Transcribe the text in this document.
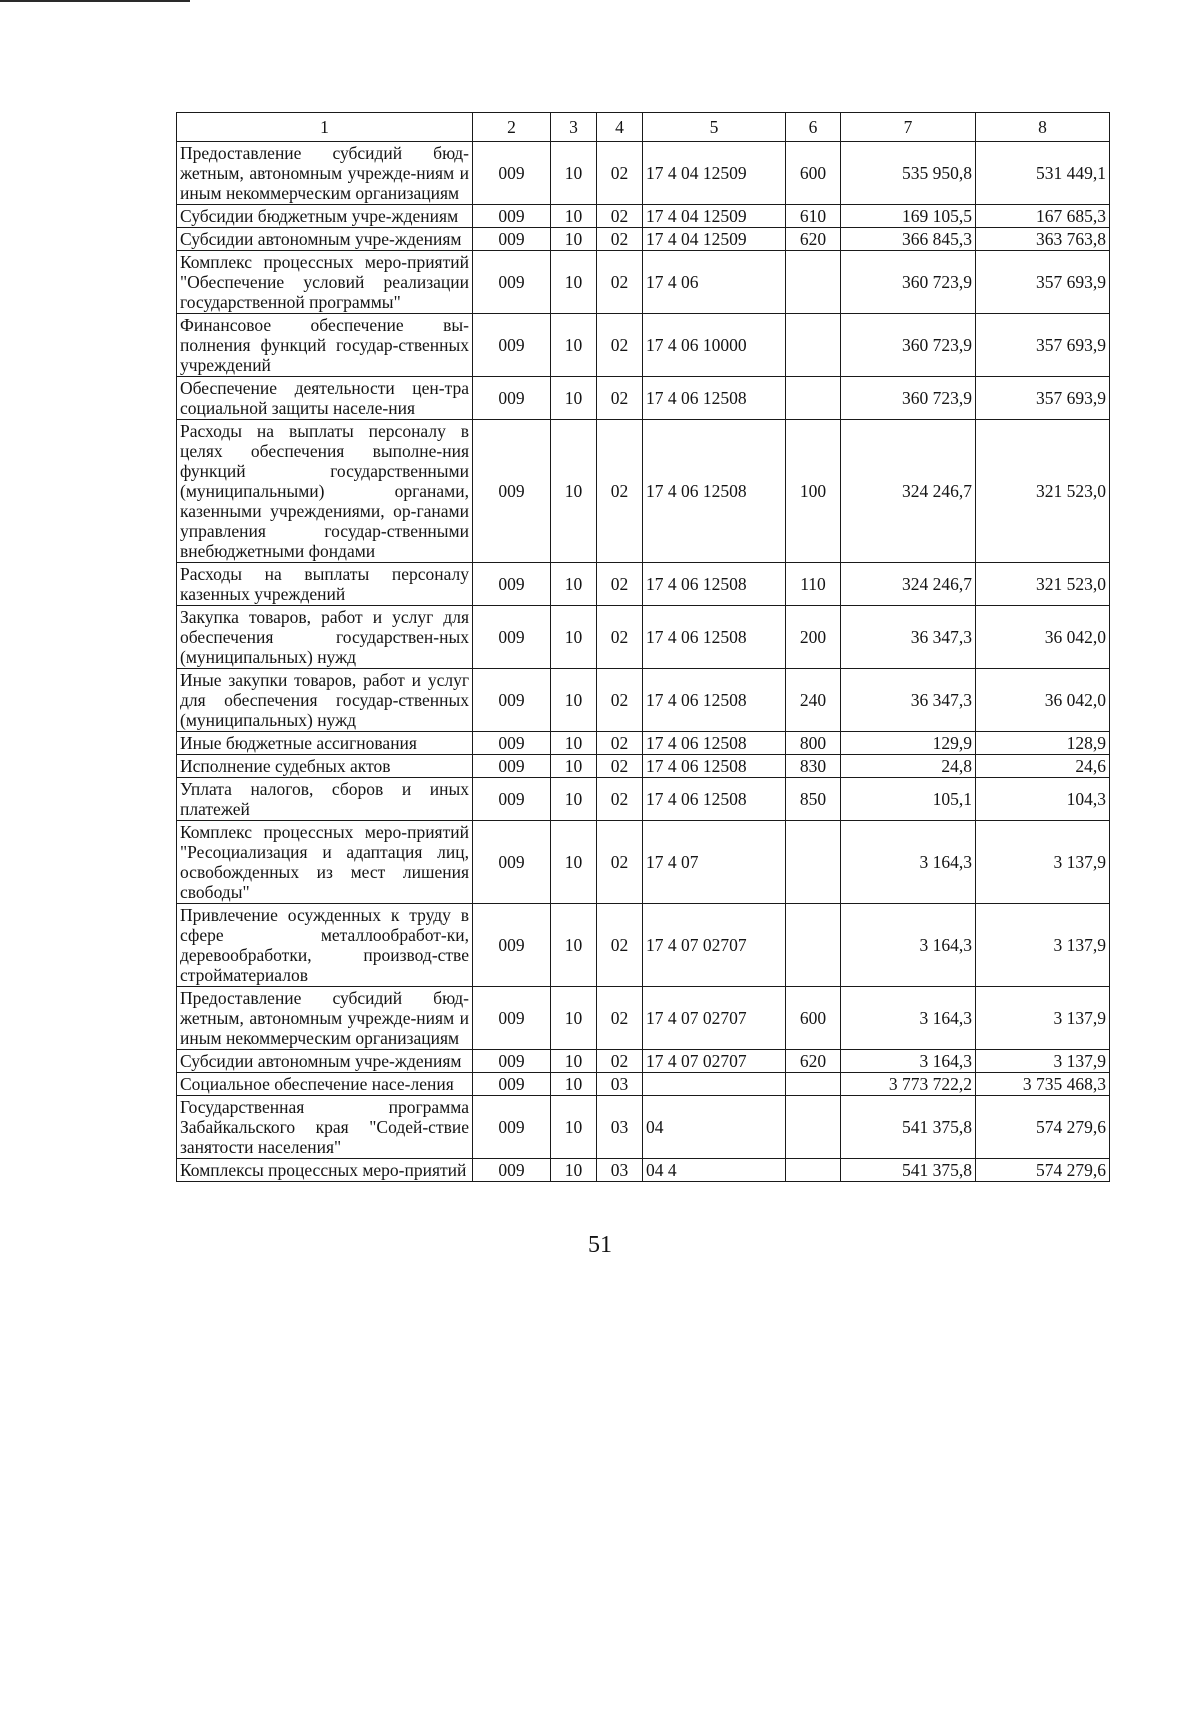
1	2	3	4	5	6	7	8

Предоставление субсидий бюд-жетным, автономным учрежде-ниям и иным некоммерческим организациям	009	10	02	17 4 04 12509	600	535 950,8	531 449,1

Субсидии бюджетным учре-ждениям	009	10	02	17 4 04 12509	610	169 105,5	167 685,3

Субсидии автономным учре-ждениям	009	10	02	17 4 04 12509	620	366 845,3	363 763,8

Комплекс процессных меро-приятий "Обеспечение условий реализации государственной программы"	009	10	02	17 4 06		360 723,9	357 693,9

Финансовое обеспечение вы-полнения функций государ-ственных учреждений	009	10	02	17 4 06 10000		360 723,9	357 693,9

Обеспечение деятельности цен-тра социальной защиты населе-ния	009	10	02	17 4 06 12508		360 723,9	357 693,9

Расходы на выплаты персоналу в целях обеспечения выполне-ния функций государственными (муниципальными) органами, казенными учреждениями, ор-ганами управления государ-ственными внебюджетными фондами	009	10	02	17 4 06 12508	100	324 246,7	321 523,0

Расходы на выплаты персоналу казенных учреждений	009	10	02	17 4 06 12508	110	324 246,7	321 523,0

Закупка товаров, работ и услуг для обеспечения государствен-ных (муниципальных) нужд	009	10	02	17 4 06 12508	200	36 347,3	36 042,0

Иные закупки товаров, работ и услуг для обеспечения государ-ственных (муниципальных) нужд	009	10	02	17 4 06 12508	240	36 347,3	36 042,0

Иные бюджетные ассигнования	009	10	02	17 4 06 12508	800	129,9	128,9

Исполнение судебных актов	009	10	02	17 4 06 12508	830	24,8	24,6

Уплата налогов, сборов и иных платежей	009	10	02	17 4 06 12508	850	105,1	104,3

Комплекс процессных меро-приятий "Ресоциализация и адаптация лиц, освобожденных из мест лишения свободы"	009	10	02	17 4 07		3 164,3	3 137,9

Привлечение осужденных к труду в сфере металлообработ-ки, деревообработки, производ-стве стройматериалов	009	10	02	17 4 07 02707		3 164,3	3 137,9

Предоставление субсидий бюд-жетным, автономным учрежде-ниям и иным некоммерческим организациям	009	10	02	17 4 07 02707	600	3 164,3	3 137,9

Субсидии автономным учре-ждениям	009	10	02	17 4 07 02707	620	3 164,3	3 137,9

Социальное обеспечение насе-ления	009	10	03			3 773 722,2	3 735 468,3

Государственная программа Забайкальского края "Содей-ствие занятости населения"	009	10	03	04		541 375,8	574 279,6

Комплексы процессных меро-приятий	009	10	03	04 4		541 375,8	574 279,6
51
